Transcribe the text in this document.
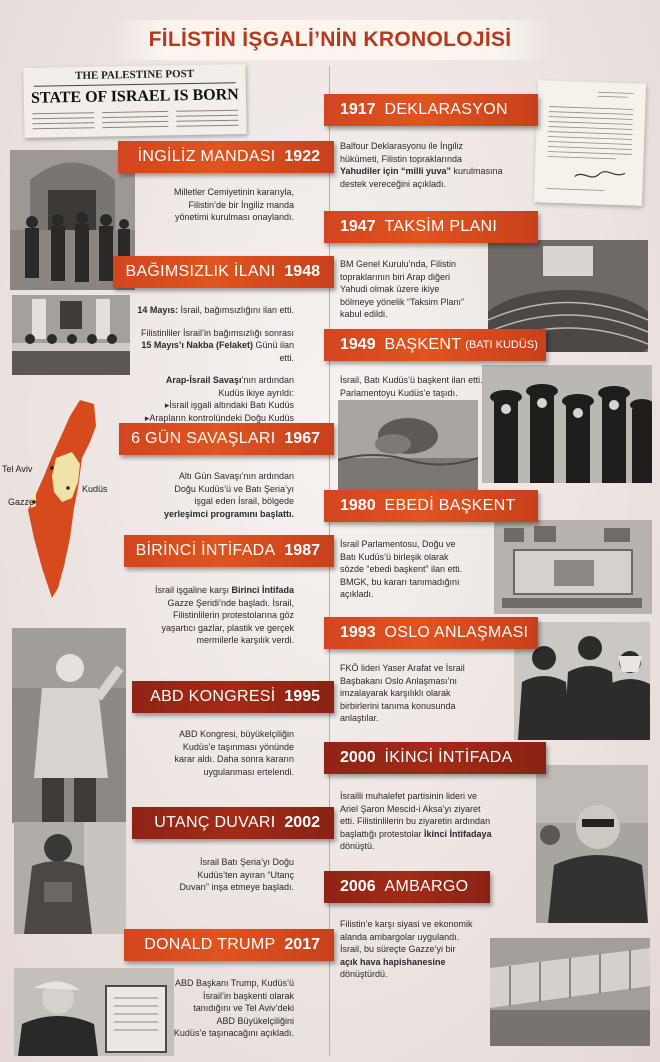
FİLİSTİN İŞGALİ’NİN KRONOLOJİSİ
THE PALESTINE POST
STATE OF ISRAEL IS BORN
Tel Aviv
Gazze
Kudüs
İNGİLİZ MANDASI
1922

Milletler Cemiyetinin kararıyla,

Filistin’de bir İngiliz manda

yönetimi kurulması onaylandı.

BAĞIMSIZLIK İLANI
1948

14 Mayıs: İsrail, bağımsızlığını ilan etti.

Filistinliler İsrail’in bağımsızlığı sonrası

15 Mayıs’ı Nakba (Felaket) Günü ilan etti.

Arap-İsrail Savaşı’nın ardından

Kudüs ikiye ayrıldı:

▸İsrail işgali altındaki Batı Kudüs

▸Arapların kontrolündeki Doğu Kudüs

6 GÜN SAVAŞLARI
1967

Altı Gün Savaşı’nın ardından

Doğu Kudüs’ü ve Batı Şeria’yı

işgal eden İsrail, bölgede

yerleşimci programını başlattı.

BİRİNCİ İNTİFADA
1987

İsrail işgaline karşı Birinci İntifada

Gazze Şeridi’nde başladı. İsrail,

Filistinlilerin protestolarına göz

yaşartıcı gazlar, plastik ve gerçek

mermilerle karşılık verdi.

ABD KONGRESİ
1995

ABD Kongresi, büyükelçiliğin

Kudüs’e taşınması yönünde

karar aldı. Daha sonra kararın

uygulanması ertelendi.

UTANÇ DUVARI
2002

İsrail Batı Şeria’yı Doğu

Kudüs’ten ayıran “Utanç

Duvarı” inşa etmeye başladı.

DONALD TRUMP
2017

ABD Başkanı Trump, Kudüs’ü

İsrail’in başkenti olarak

tanıdığını ve Tel Aviv’deki

ABD Büyükelçiliğini

Kudüs’e taşınacağını açıkladı.

1917
DEKLARASYON

Balfour Deklarasyonu ile İngiliz

hükümeti, Filistin topraklarında

Yahudiler için “milli yuva” kurulmasına

destek vereceğini açıkladı.

1947
TAKSİM PLANI

BM Genel Kurulu’nda, Filistin

topraklarının biri Arap diğeri

Yahudi olmak üzere ikiye

bölmeye yönelik “Taksim Planı”

kabul edildi.

1949
BAŞKENT (BATI KUDÜS)

İsrail, Batı Kudüs’ü başkent ilan etti.

Parlamentoyu Kudüs’e taşıdı.

1980
EBEDİ BAŞKENT

İsrail Parlamentosu, Doğu ve

Batı Kudüs’ü birleşik olarak

sözde “ebedi başkent” ilan etti.

BMGK, bu kararı tanımadığını

açıkladı.

1993
OSLO ANLAŞMASI

FKÖ lideri Yaser Arafat ve İsrail

Başbakanı Oslo Anlaşması’nı

imzalayarak karşılıklı olarak

birbirlerini tanıma konusunda

anlaştılar.

2000
İKİNCİ İNTİFADA

İsrailli muhalefet partisinin lideri ve

Ariel Şaron Mescid-i Aksa’yı ziyaret

etti. Filistinlilerin bu ziyaretin ardından

başlattığı protestolar İkinci İntifadaya

dönüştü.

2006
AMBARGO

Filistin’e karşı siyasi ve ekonomik

alanda ambargolar uygulandı.

İsrail, bu süreçte Gazze’yi bir

açık hava hapishanesine

dönüştürdü.
